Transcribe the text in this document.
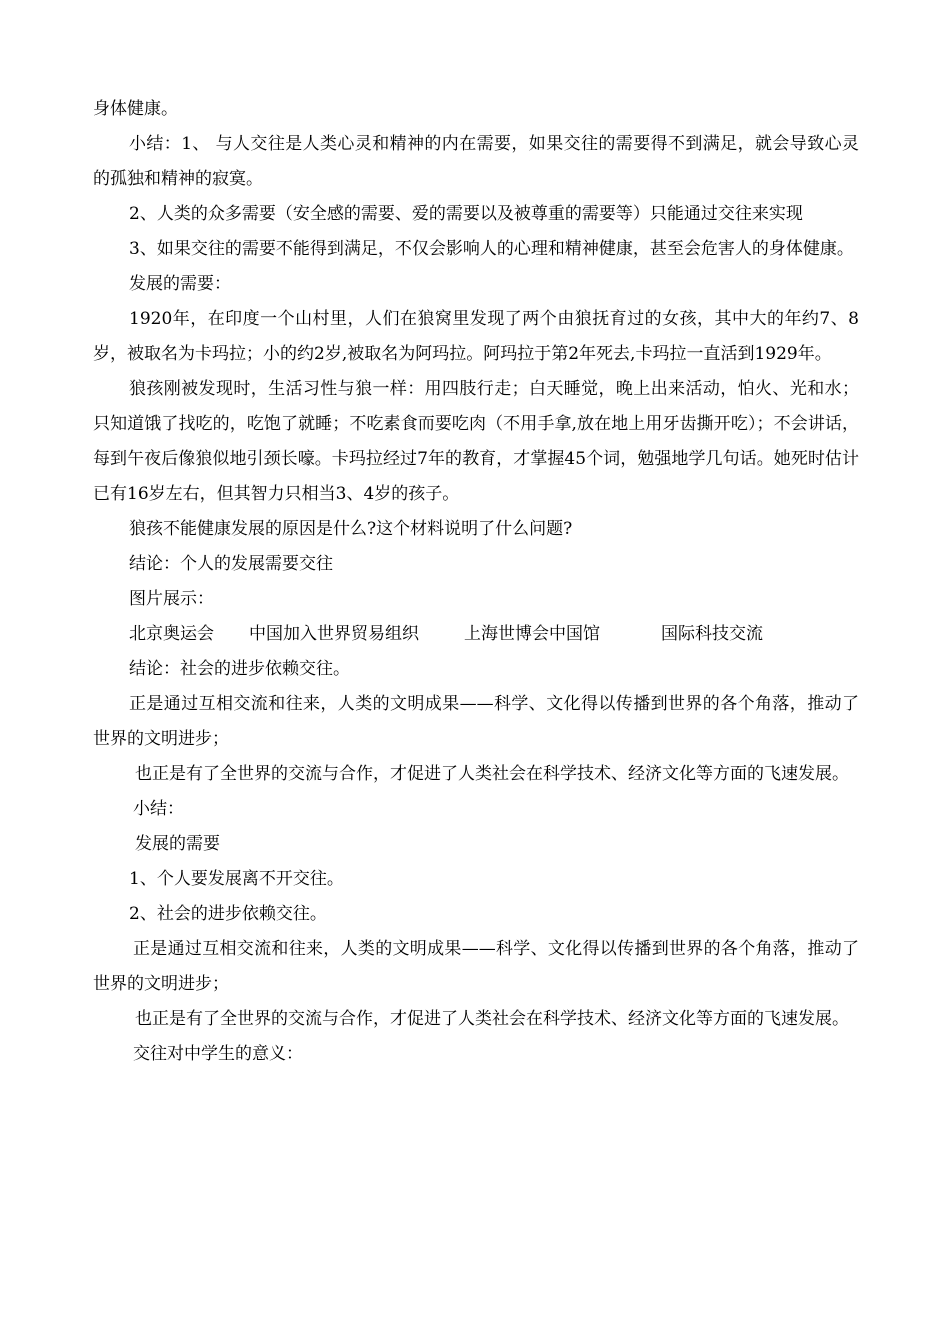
身体健康。

小结：1、 与人交往是人类心灵和精神的内在需要，如果交往的需要得不到满足，就会导致心灵的孤独和精神的寂寞。

2、人类的众多需要（安全感的需要、爱的需要以及被尊重的需要等）只能通过交往来实现

3、如果交往的需要不能得到满足，不仅会影响人的心理和精神健康，甚至会危害人的身体健康。

发展的需要：

1920年，在印度一个山村里，人们在狼窝里发现了两个由狼抚育过的女孩，其中大的年约7、8岁，被取名为卡玛拉；小的约2岁,被取名为阿玛拉。阿玛拉于第2年死去,卡玛拉一直活到1929年。

狼孩刚被发现时，生活习性与狼一样：用四肢行走；白天睡觉，晚上出来活动，怕火、光和水；只知道饿了找吃的，吃饱了就睡；不吃素食而要吃肉（不用手拿,放在地上用牙齿撕开吃）；不会讲话，每到午夜后像狼似地引颈长嚎。卡玛拉经过7年的教育，才掌握45个词，勉强地学几句话。她死时估计已有16岁左右，但其智力只相当3、4岁的孩子。

狼孩不能健康发展的原因是什么?这个材料说明了什么问题?

结论：个人的发展需要交往

图片展示：

北京奥运会	中国加入世界贸易组织	上海世博会中国馆	国际科技交流

结论：社会的进步依赖交往。

正是通过互相交流和往来，人类的文明成果——科学、文化得以传播到世界的各个角落，推动了世界的文明进步；

也正是有了全世界的交流与合作，才促进了人类社会在科学技术、经济文化等方面的飞速发展。

小结：

发展的需要

1、个人要发展离不开交往。

2、社会的进步依赖交往。

正是通过互相交流和往来，人类的文明成果——科学、文化得以传播到世界的各个角落，推动了世界的文明进步；

也正是有了全世界的交流与合作，才促进了人类社会在科学技术、经济文化等方面的飞速发展。

交往对中学生的意义：
